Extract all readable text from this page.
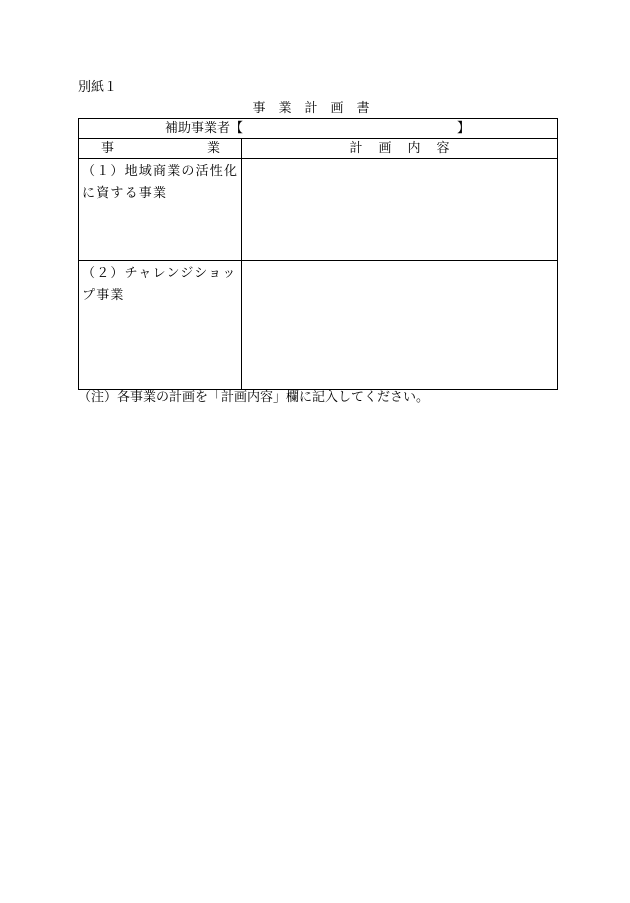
別紙１
事業計画書
補助事業者【 】	

事 業	計画内容
（１）地域商業の活性化に資する事業	
（２）チャレンジショップ事業	
（注）各事業の計画を「計画内容」欄に記入してください。
